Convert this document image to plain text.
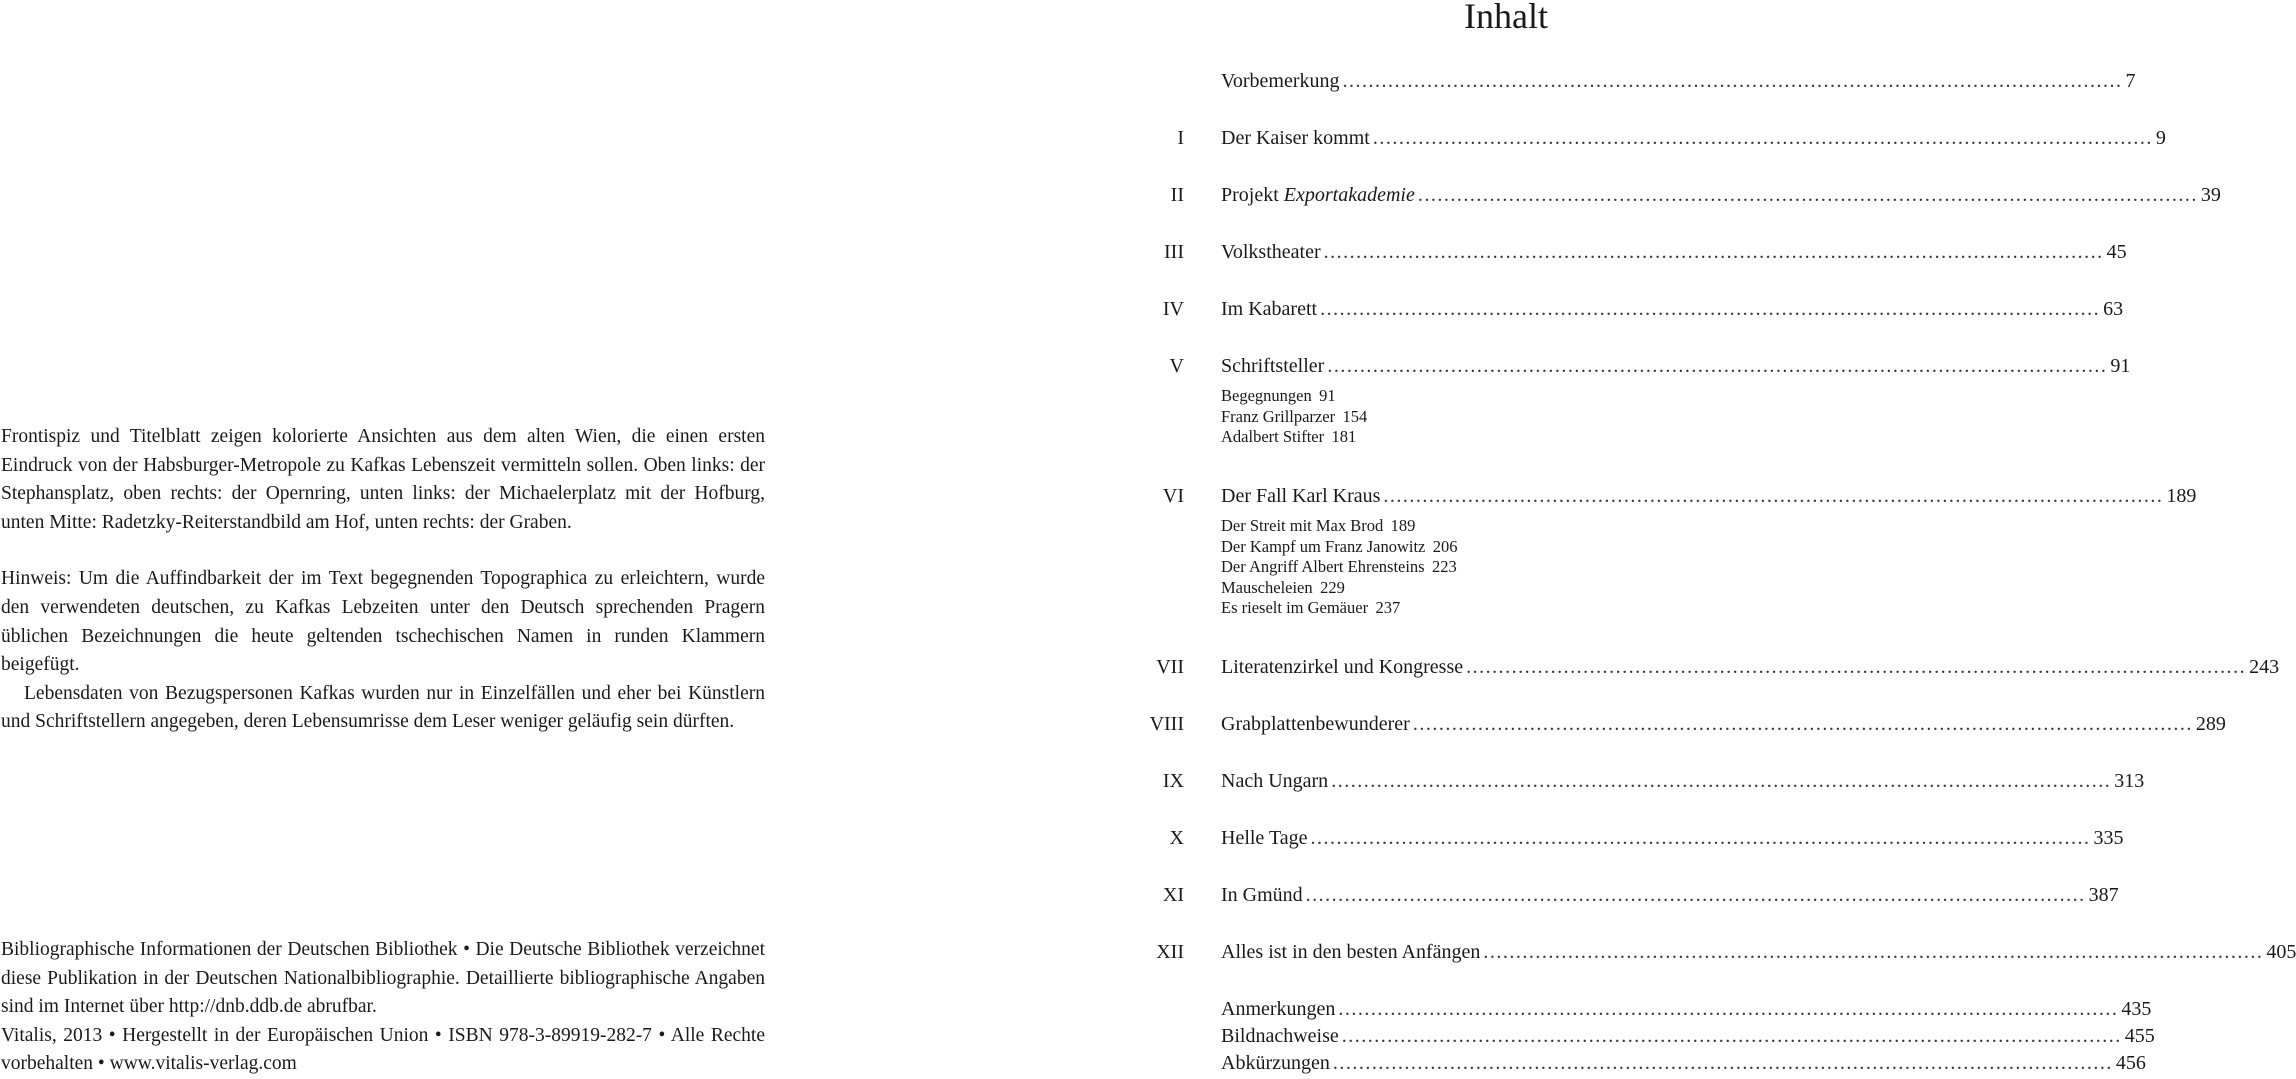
Frontispiz und Titelblatt zeigen kolorierte Ansichten aus dem alten Wien, die einen ersten Eindruck von der Habsburger-Metropole zu Kafkas Lebenszeit vermitteln sollen. Oben links: der Stephansplatz, oben rechts: der Opernring, unten links: der Michaelerplatz mit der Hofburg, unten Mitte: Radetzky-Reiterstandbild am Hof, unten rechts: der Graben.

Hinweis: Um die Auffindbarkeit der im Text begegnenden Topographica zu erleichtern, wurde den verwendeten deutschen, zu Kafkas Lebzeiten unter den Deutsch sprechenden Pragern üblichen Bezeichnungen die heute geltenden tschechischen Namen in runden Klammern beigefügt.

Lebensdaten von Bezugspersonen Kafkas wurden nur in Einzelfällen und eher bei Künstlern und Schriftstellern angegeben, deren Lebensumrisse dem Leser weniger geläufig sein dürften.

Bibliographische Informationen der Deutschen Bibliothek • Die Deutsche Bibliothek verzeichnet diese Publikation in der Deutschen Nationalbibliographie. Detaillierte bibliographische Angaben sind im Internet über http://dnb.ddb.de abrufbar.

Vitalis, 2013 • Hergestellt in der Europäischen Union • ISBN 978-3-89919-282-7 • Alle Rechte vorbehalten • www.vitalis-verlag.com

Inhalt
Vorbemerkung ........................................................................................................................ 7
I Der Kaiser kommt ........................................................................................................................ 9
II Projekt Exportakademie ........................................................................................................................ 39
III Volkstheater ........................................................................................................................ 45
IV Im Kabarett ........................................................................................................................ 63
V Schriftsteller ........................................................................................................................ 91
Begegnungen 91
Franz Grillparzer 154
Adalbert Stifter 181
VI Der Fall Karl Kraus ........................................................................................................................ 189
Der Streit mit Max Brod 189
Der Kampf um Franz Janowitz 206
Der Angriff Albert Ehrensteins 223
Mauscheleien 229
Es rieselt im Gemäuer 237
VII Literatenzirkel und Kongresse ........................................................................................................................ 243
VIII Grabplattenbewunderer ........................................................................................................................ 289
IX Nach Ungarn ........................................................................................................................ 313
X Helle Tage ........................................................................................................................ 335
XI In Gmünd ........................................................................................................................ 387
XII Alles ist in den besten Anfängen ........................................................................................................................ 405
Anmerkungen ........................................................................................................................ 435
Bildnachweise ........................................................................................................................ 455
Abkürzungen ........................................................................................................................ 456
